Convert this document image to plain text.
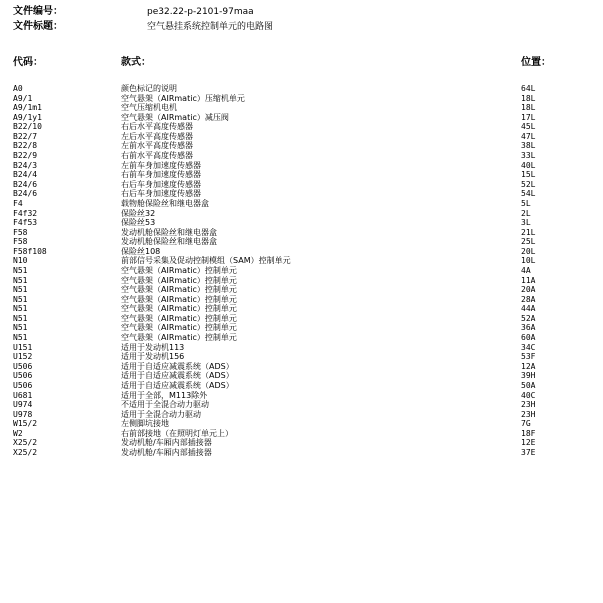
文件编号：	pe32.22-p-2101-97maa
文件标题：	空气悬挂系统控制单元的电路图
代码：	款式：	位置：
A0	颜色标记的说明	64L
A9/1	空气悬架（AIRmatic）压缩机单元	18L
A9/1m1	空气压缩机电机	18L
A9/1y1	空气悬架（AIRmatic）减压阀	17L
B22/10	右后水平高度传感器	45L
B22/7	左后水平高度传感器	47L
B22/8	左前水平高度传感器	38L
B22/9	右前水平高度传感器	33L
B24/3	左前车身加速度传感器	40L
B24/4	右前车身加速度传感器	15L
B24/6	右后车身加速度传感器	52L
B24/6	右后车身加速度传感器	54L
F4	载物舱保险丝和继电器盒	5L
F4f32	保险丝32	2L
F4f53	保险丝53	3L
F58	发动机舱保险丝和继电器盒	21L
F58	发动机舱保险丝和继电器盒	25L
F58f108	保险丝108	20L
N10	前部信号采集及促动控制模组（SAM）控制单元	10L
N51	空气悬架（AIRmatic）控制单元	4A
N51	空气悬架（AIRmatic）控制单元	11A
N51	空气悬架（AIRmatic）控制单元	20A
N51	空气悬架（AIRmatic）控制单元	28A
N51	空气悬架（AIRmatic）控制单元	44A
N51	空气悬架（AIRmatic）控制单元	52A
N51	空气悬架（AIRmatic）控制单元	36A
N51	空气悬架（AIRmatic）控制单元	60A
U151	适用于发动机113	34C
U152	适用于发动机156	53F
U506	适用于自适应减震系统（ADS）	12A
U506	适用于自适应减震系统（ADS）	39H
U506	适用于自适应减震系统（ADS）	50A
U681	适用于全部，M113除外	40C
U974	不适用于全混合动力驱动	23H
U978	适用于全混合动力驱动	23H
W15/2	左侧脚坑接地	7G
W2	右前部接地（在照明灯单元上）	18F
X25/2	发动机舱/车厢内部插接器	12E
X25/2	发动机舱/车厢内部插接器	37E
